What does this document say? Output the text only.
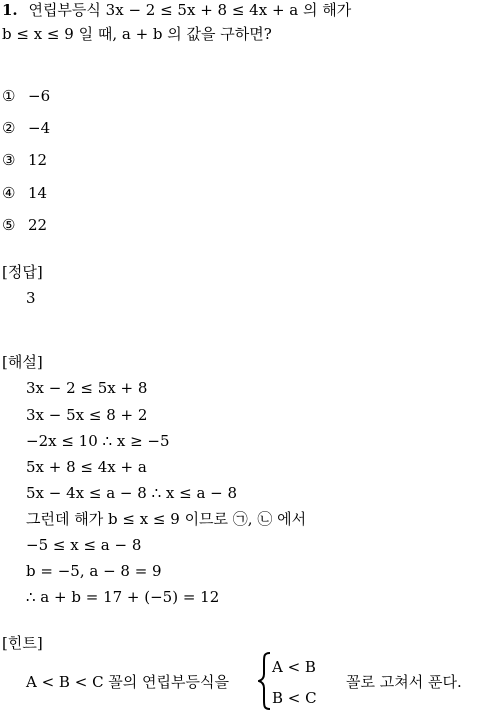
1. 연립부등식 3x − 2 ≤ 5x + 8 ≤ 4x + a 의 해가
b ≤ x ≤ 9 일 때, a + b 의 값을 구하면?
① −6
② −4
③ 12
④ 14
⑤ 22
[정답]
3
[해설]
3x − 2 ≤ 5x + 8
3x − 5x ≤ 8 + 2
−2x ≤ 10 ∴ x ≥ −5
5x + 8 ≤ 4x + a
5x − 4x ≤ a − 8 ∴ x ≤ a − 8
그런데 해가 b ≤ x ≤ 9 이므로 ㉠, ㉡ 에서
−5 ≤ x ≤ a − 8
b = −5, a − 8 = 9
∴ a + b = 17 + (−5) = 12
[힌트]
A < B < C 꼴의 연립부등식을
A < B
B < C
꼴로 고쳐서 푼다.
